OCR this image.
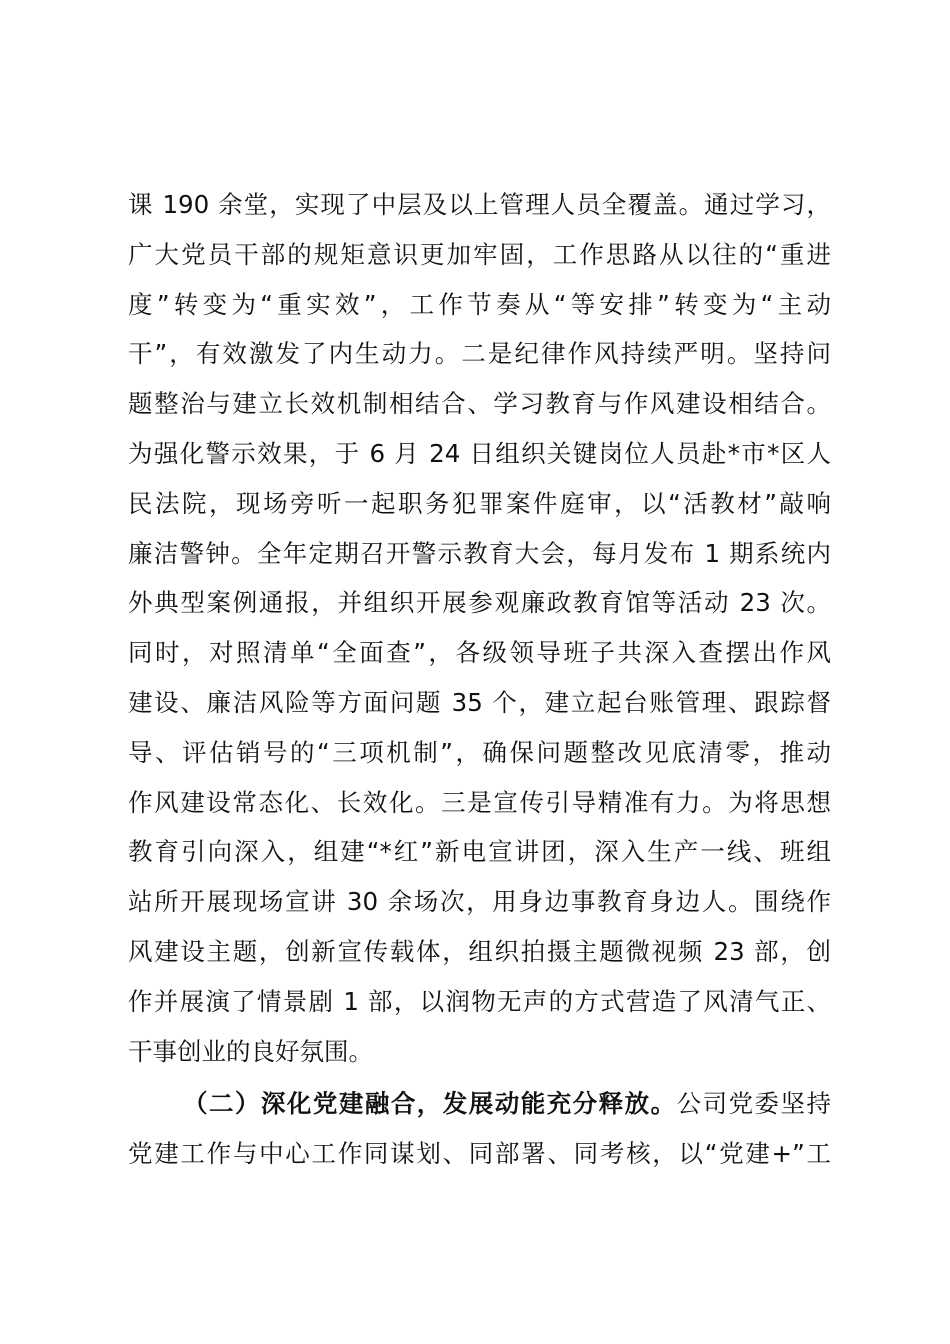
课 190 余堂，实现了中层及以上管理人员全覆盖。通过学习，
广大党员干部的规矩意识更加牢固，工作思路从以往的“重进
度”转变为“重实效”，工作节奏从“等安排”转变为“主动
干”，有效激发了内生动力。二是纪律作风持续严明。坚持问
题整治与建立长效机制相结合、学习教育与作风建设相结合。
为强化警示效果，于 6 月 24 日组织关键岗位人员赴*市*区人
民法院，现场旁听一起职务犯罪案件庭审，以“活教材”敲响
廉洁警钟。全年定期召开警示教育大会，每月发布 1 期系统内
外典型案例通报，并组织开展参观廉政教育馆等活动 23 次。
同时，对照清单“全面查”，各级领导班子共深入查摆出作风
建设、廉洁风险等方面问题 35 个，建立起台账管理、跟踪督
导、评估销号的“三项机制”，确保问题整改见底清零，推动
作风建设常态化、长效化。三是宣传引导精准有力。为将思想
教育引向深入，组建“*红”新电宣讲团，深入生产一线、班组
站所开展现场宣讲 30 余场次，用身边事教育身边人。围绕作
风建设主题，创新宣传载体，组织拍摄主题微视频 23 部，创
作并展演了情景剧 1 部，以润物无声的方式营造了风清气正、
干事创业的良好氛围。
（二）深化党建融合，发展动能充分释放。公司党委坚持
党建工作与中心工作同谋划、同部署、同考核，以“党建+”工
